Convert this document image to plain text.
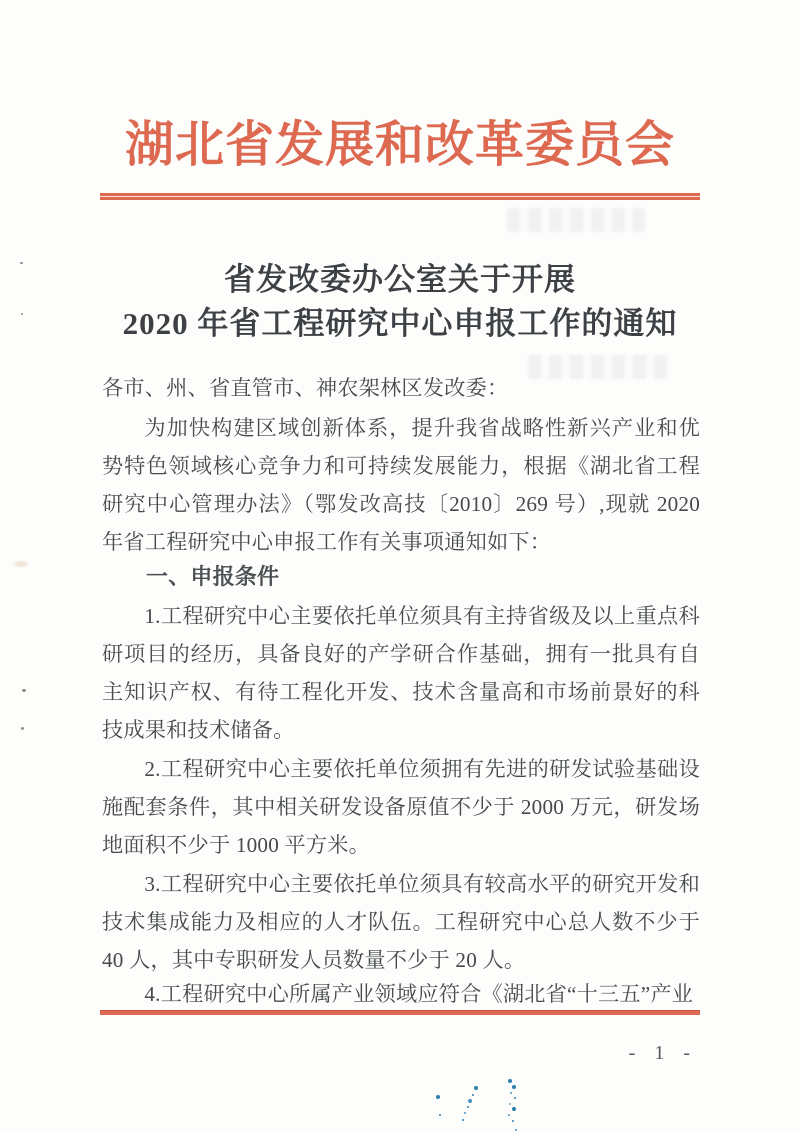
湖北省发展和改革委员会
省发改委办公室关于开展
2020 年省工程研究中心申报工作的通知

各市、州、省直管市、神农架林区发改委：

为加快构建区域创新体系，提升我省战略性新兴产业和优势特色领域核心竞争力和可持续发展能力，根据《湖北省工程研究中心管理办法》（鄂发改高技〔2010〕269 号）,现就 2020 年省工程研究中心申报工作有关事项通知如下：

一、申报条件

1.工程研究中心主要依托单位须具有主持省级及以上重点科研项目的经历，具备良好的产学研合作基础，拥有一批具有自主知识产权、有待工程化开发、技术含量高和市场前景好的科技成果和技术储备。

2.工程研究中心主要依托单位须拥有先进的研发试验基础设施配套条件，其中相关研发设备原值不少于 2000 万元，研发场地面积不少于 1000 平方米。

3.工程研究中心主要依托单位须具有较高水平的研究开发和技术集成能力及相应的人才队伍。工程研究中心总人数不少于 40 人，其中专职研发人员数量不少于 20 人。

4.工程研究中心所属产业领域应符合《湖北省“十三五”产业

- 1 -
